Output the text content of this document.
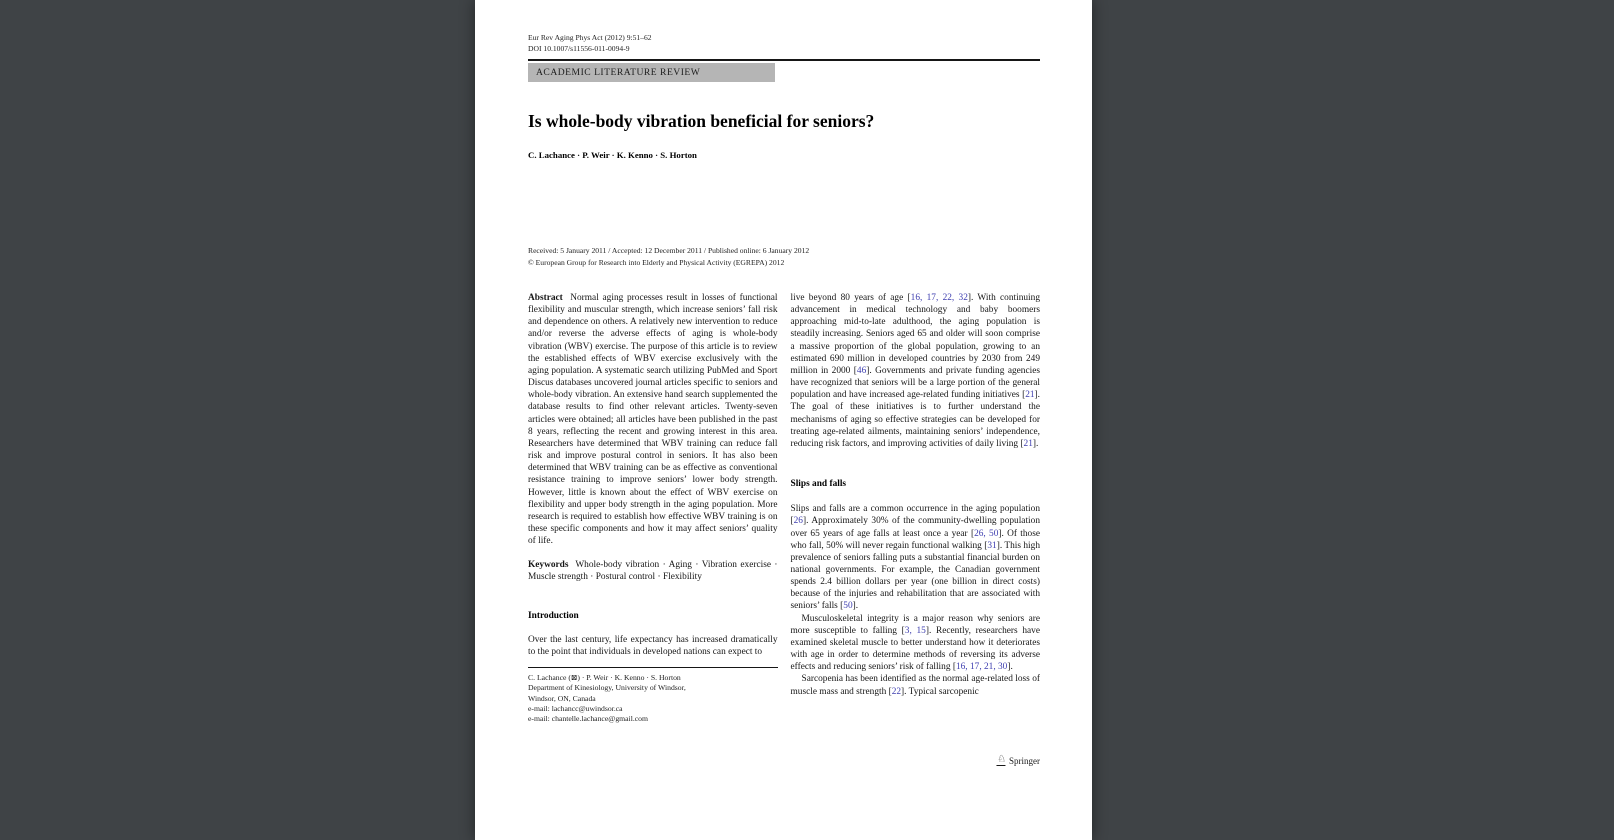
Eur Rev Aging Phys Act (2012) 9:51–62
DOI 10.1007/s11556-011-0094-9
ACADEMIC LITERATURE REVIEW
Is whole-body vibration beneficial for seniors?
C. Lachance · P. Weir · K. Kenno · S. Horton
Received: 5 January 2011 / Accepted: 12 December 2011 / Published online: 6 January 2012
© European Group for Research into Elderly and Physical Activity (EGREPA) 2012

Abstract Normal aging processes result in losses of functional flexibility and muscular strength, which increase seniors’ fall risk and dependence on others. A relatively new intervention to reduce and/or reverse the adverse effects of aging is whole-body vibration (WBV) exercise. The purpose of this article is to review the established effects of WBV exercise exclusively with the aging population. A systematic search utilizing PubMed and Sport Discus databases uncovered journal articles specific to seniors and whole-body vibration. An extensive hand search supplemented the database results to find other relevant articles. Twenty-seven articles were obtained; all articles have been published in the past 8 years, reflecting the recent and growing interest in this area. Researchers have determined that WBV training can reduce fall risk and improve postural control in seniors. It has also been determined that WBV training can be as effective as conventional resistance training to improve seniors’ lower body strength. However, little is known about the effect of WBV exercise on flexibility and upper body strength in the aging population. More research is required to establish how effective WBV training is on these specific components and how it may affect seniors’ quality of life.

Keywords Whole-body vibration · Aging · Vibration exercise · Muscle strength · Postural control · Flexibility

Introduction

Over the last century, life expectancy has increased dramatically to the point that individuals in developed nations can expect to

C. Lachance (⊠) · P. Weir · K. Kenno · S. Horton
Department of Kinesiology, University of Windsor,
Windsor, ON, Canada
e-mail: lachancc@uwindsor.ca
e-mail: chantelle.lachance@gmail.com

live beyond 80 years of age [16, 17, 22, 32]. With continuing advancement in medical technology and baby boomers approaching mid-to-late adulthood, the aging population is steadily increasing. Seniors aged 65 and older will soon comprise a massive proportion of the global population, growing to an estimated 690 million in developed countries by 2030 from 249 million in 2000 [46]. Governments and private funding agencies have recognized that seniors will be a large portion of the general population and have increased age-related funding initiatives [21]. The goal of these initiatives is to further understand the mechanisms of aging so effective strategies can be developed for treating age-related ailments, maintaining seniors’ independence, reducing risk factors, and improving activities of daily living [21].

Slips and falls

Slips and falls are a common occurrence in the aging population [26]. Approximately 30% of the community-dwelling population over 65 years of age falls at least once a year [26, 50]. Of those who fall, 50% will never regain functional walking [31]. This high prevalence of seniors falling puts a substantial financial burden on national governments. For example, the Canadian government spends 2.4 billion dollars per year (one billion in direct costs) because of the injuries and rehabilitation that are associated with seniors’ falls [50].

Musculoskeletal integrity is a major reason why seniors are more susceptible to falling [3, 15]. Recently, researchers have examined skeletal muscle to better understand how it deteriorates with age in order to determine methods of reversing its adverse effects and reducing seniors’ risk of falling [16, 17, 21, 30].

Sarcopenia has been identified as the normal age-related loss of muscle mass and strength [22]. Typical sarcopenic

♘ Springer
